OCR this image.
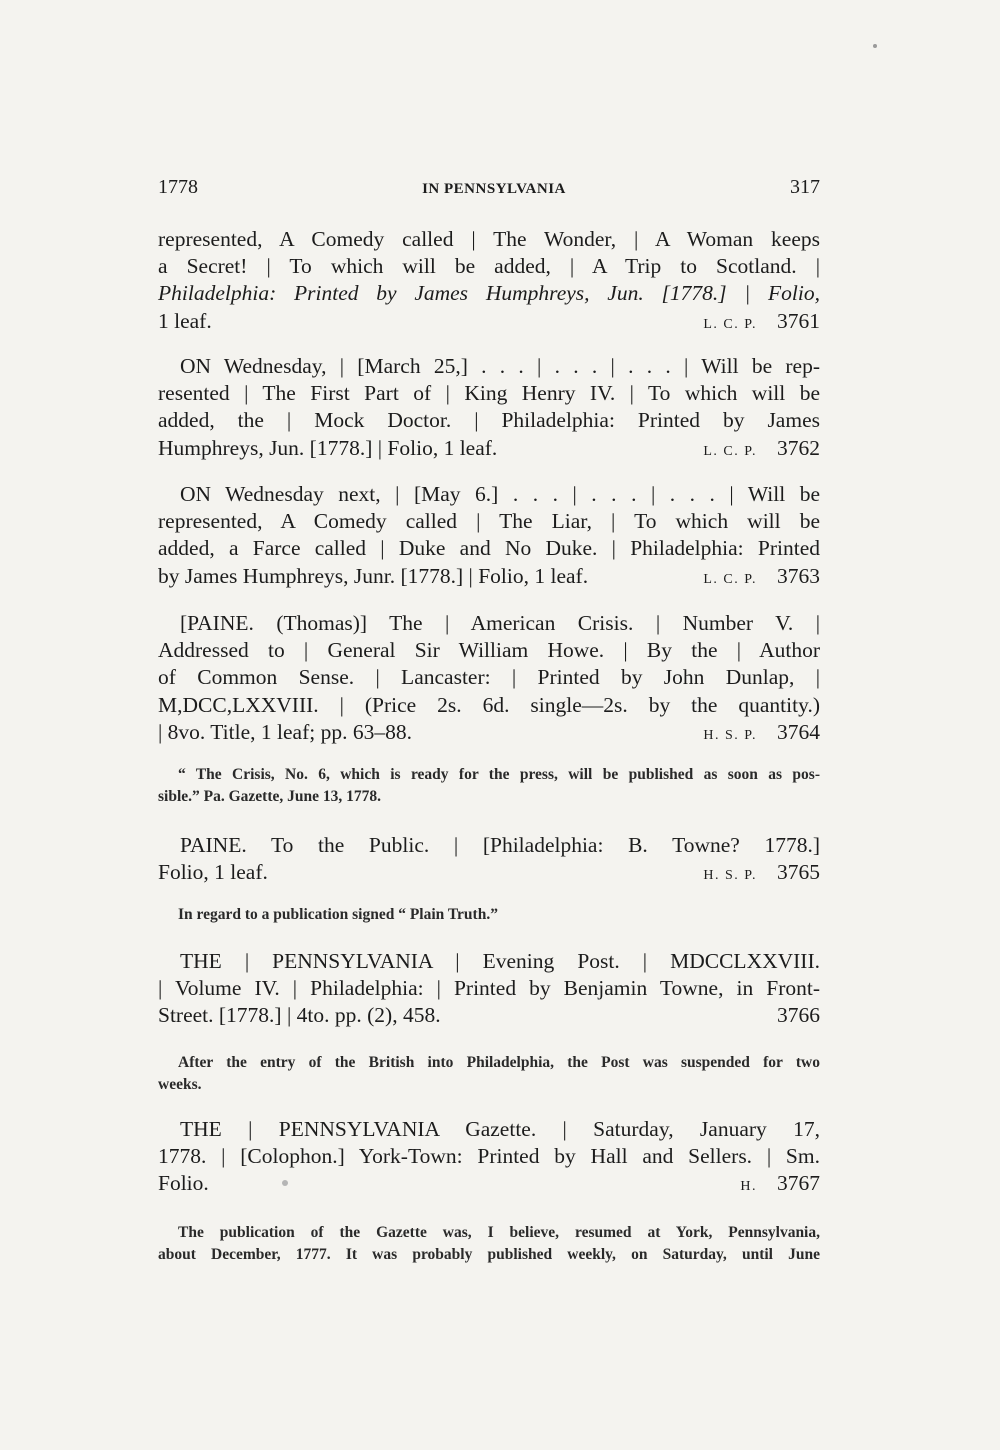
1778	IN PENNSYLVANIA	317
represented, A Comedy called | The Wonder, | A Woman keeps
a Secret! | To which will be added, | A Trip to Scotland. |
Philadelphia: Printed by James Humphreys, Jun. [1778.] | Folio,
1 leaf.	L. C. P. 3761
ON Wednesday, | [March 25,] . . . | . . . | . . . | Will be rep-
resented | The First Part of | King Henry IV. | To which will be
added, the | Mock Doctor. | Philadelphia: Printed by James
Humphreys, Jun. [1778.] | Folio, 1 leaf.	L. C. P. 3762
ON Wednesday next, | [May 6.] . . . | . . . | . . . | Will be
represented, A Comedy called | The Liar, | To which will be
added, a Farce called | Duke and No Duke. | Philadelphia: Printed
by James Humphreys, Junr. [1778.] | Folio, 1 leaf.	L. C. P. 3763
[PAINE. (Thomas)] The | American Crisis. | Number V. |
Addressed to | General Sir William Howe. | By the | Author
of Common Sense. | Lancaster: | Printed by John Dunlap, |
M,DCC,LXXVIII. | (Price 2s. 6d. single—2s. by the quantity.)
| 8vo. Title, 1 leaf; pp. 63–88.	H. S. P. 3764
“ The Crisis, No. 6, which is ready for the press, will be published as soon as pos-
sible.” Pa. Gazette, June 13, 1778.
PAINE. To the Public. | [Philadelphia: B. Towne? 1778.]
Folio, 1 leaf.	H. S. P. 3765
In regard to a publication signed “ Plain Truth.”
THE | PENNSYLVANIA | Evening Post. | MDCCLXXVIII.
| Volume IV. | Philadelphia: | Printed by Benjamin Towne, in Front-
Street. [1778.] | 4to. pp. (2), 458.	3766
After the entry of the British into Philadelphia, the Post was suspended for two
weeks.
THE | PENNSYLVANIA Gazette. | Saturday, January 17,
1778. | [Colophon.] York-Town: Printed by Hall and Sellers. | Sm.
Folio.	H. 3767
The publication of the Gazette was, I believe, resumed at York, Pennsylvania,
about December, 1777. It was probably published weekly, on Saturday, until June
